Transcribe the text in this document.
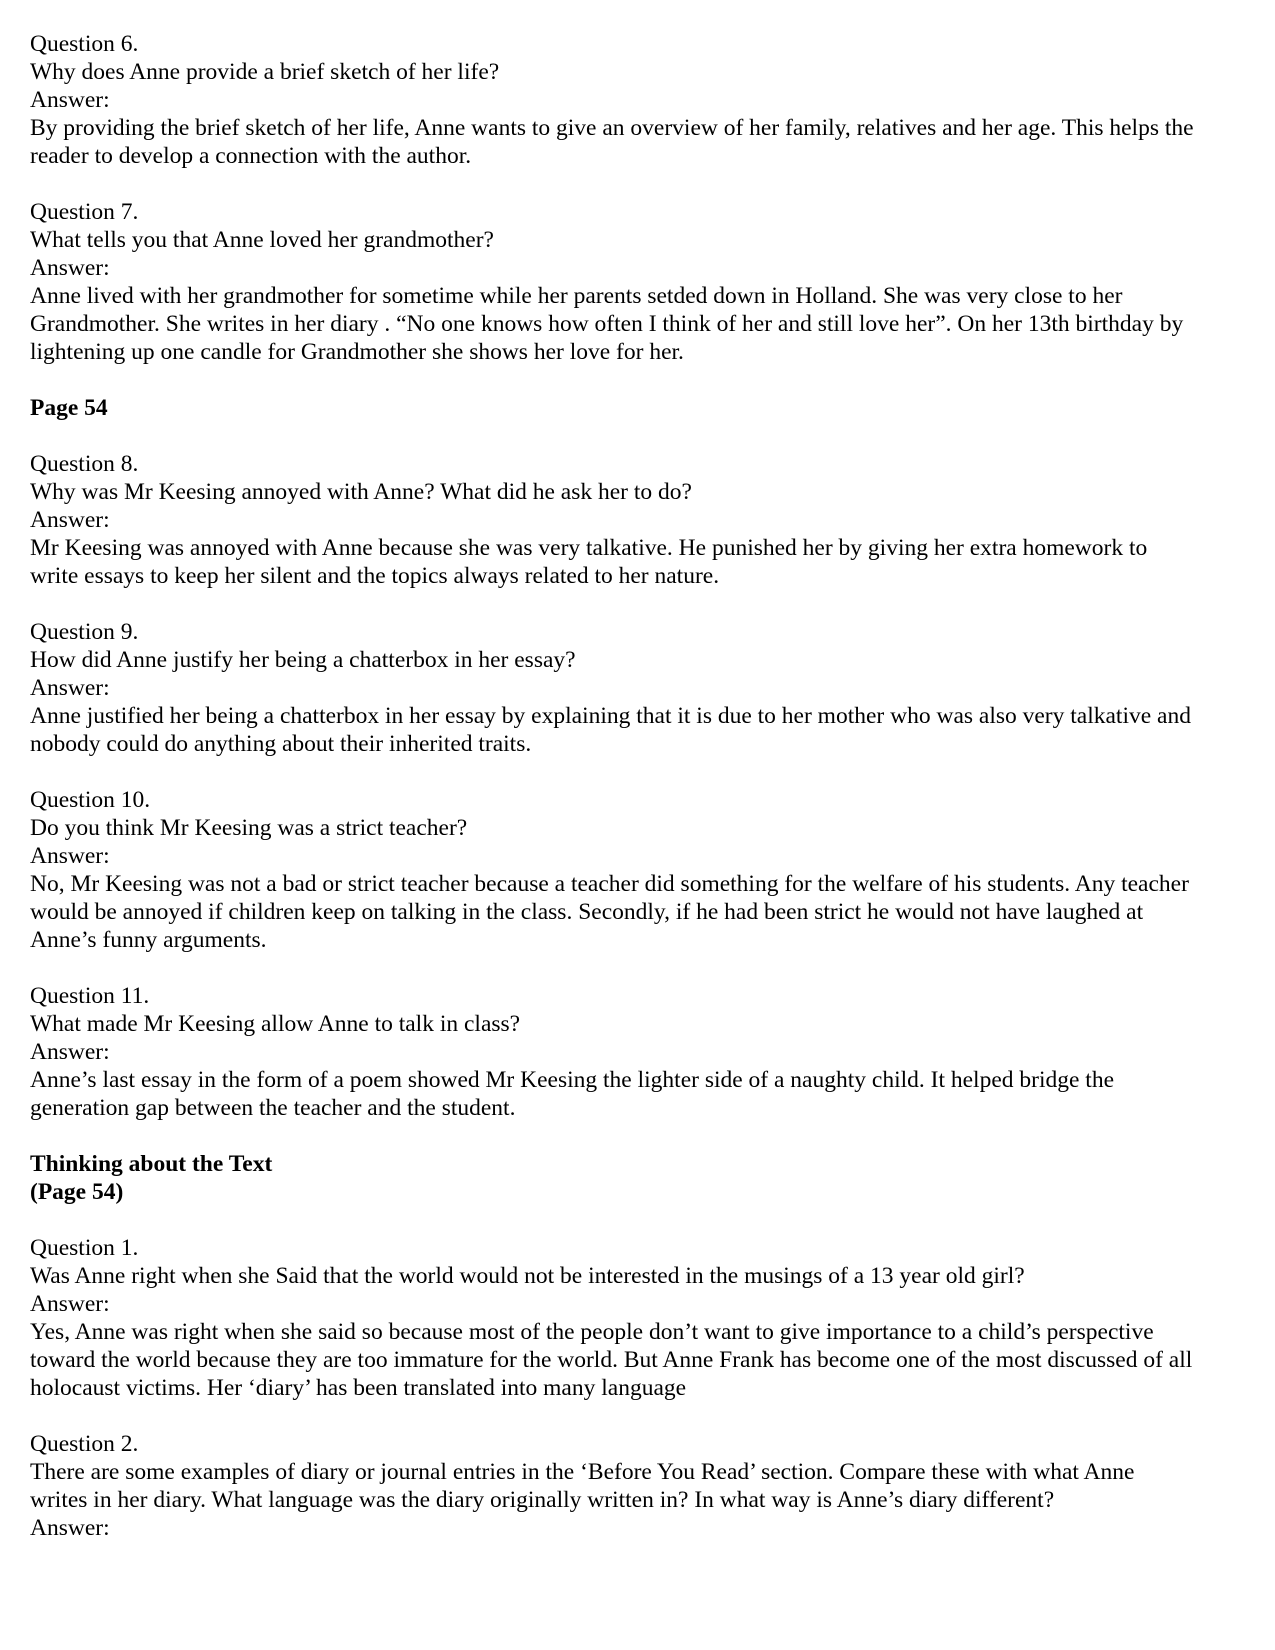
Question 6.
Why does Anne provide a brief sketch of her life?
Answer:
By providing the brief sketch of her life, Anne wants to give an overview of her family, relatives and her age. This helps the
reader to develop a connection with the author.
Question 7.
What tells you that Anne loved her grandmother?
Answer:
Anne lived with her grandmother for sometime while her parents setded down in Holland. She was very close to her
Grandmother. She writes in her diary . “No one knows how often I think of her and still love her”. On her 13th birthday by
lightening up one candle for Grandmother she shows her love for her.
Page 54
Question 8.
Why was Mr Keesing annoyed with Anne? What did he ask her to do?
Answer:
Mr Keesing was annoyed with Anne because she was very talkative. He punished her by giving her extra homework to
write essays to keep her silent and the topics always related to her nature.
Question 9.
How did Anne justify her being a chatterbox in her essay?
Answer:
Anne justified her being a chatterbox in her essay by explaining that it is due to her mother who was also very talkative and
nobody could do anything about their inherited traits.
Question 10.
Do you think Mr Keesing was a strict teacher?
Answer:
No, Mr Keesing was not a bad or strict teacher because a teacher did something for the welfare of his students. Any teacher
would be annoyed if children keep on talking in the class. Secondly, if he had been strict he would not have laughed at
Anne’s funny arguments.
Question 11.
What made Mr Keesing allow Anne to talk in class?
Answer:
Anne’s last essay in the form of a poem showed Mr Keesing the lighter side of a naughty child. It helped bridge the
generation gap between the teacher and the student.
Thinking about the Text
(Page 54)
Question 1.
Was Anne right when she Said that the world would not be interested in the musings of a 13 year old girl?
Answer:
Yes, Anne was right when she said so because most of the people don’t want to give importance to a child’s perspective
toward the world because they are too immature for the world. But Anne Frank has become one of the most discussed of all
holocaust victims. Her ‘diary’ has been translated into many language
Question 2.
There are some examples of diary or journal entries in the ‘Before You Read’ section. Compare these with what Anne
writes in her diary. What language was the diary originally written in? In what way is Anne’s diary different?
Answer:
